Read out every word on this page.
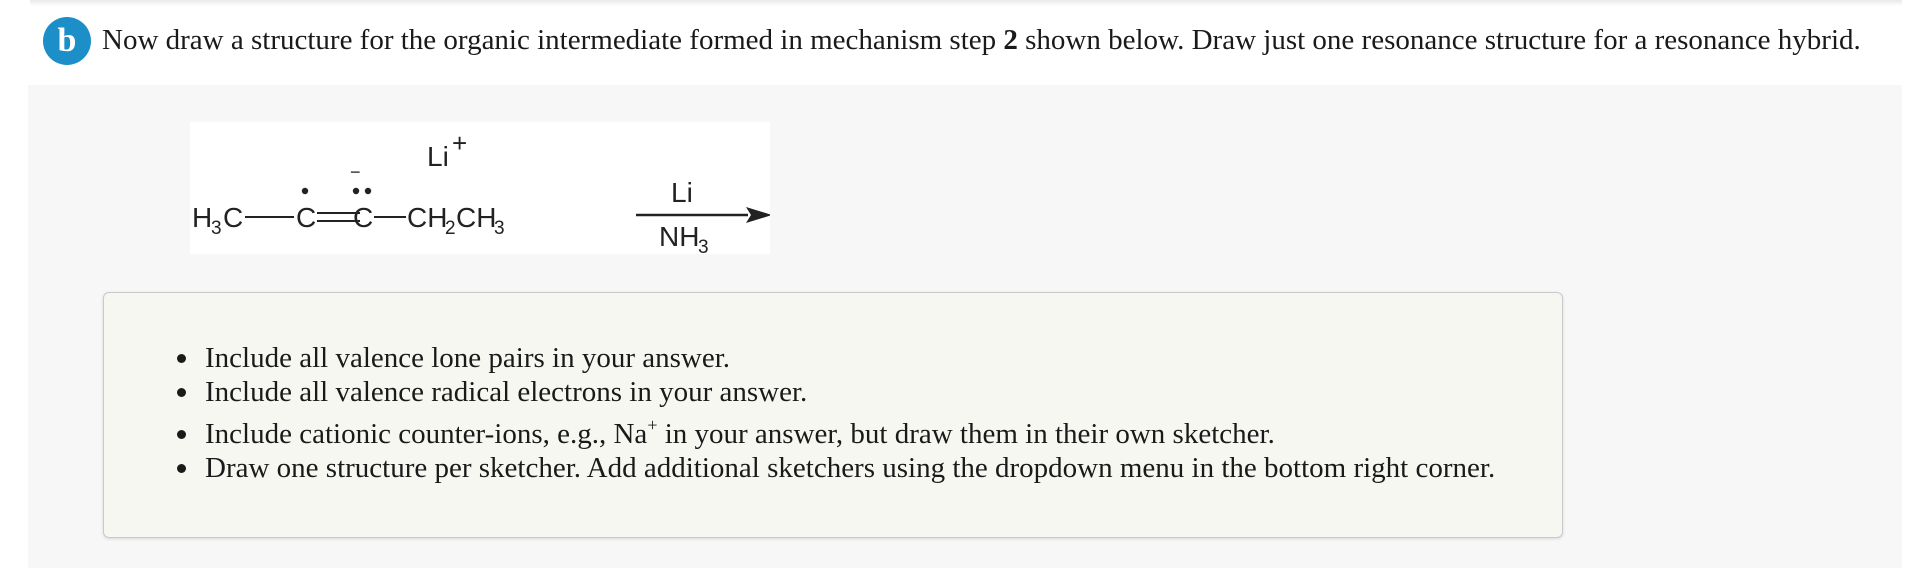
b Now draw a structure for the organic intermediate formed in mechanism step 2 shown below. Draw just one resonance structure for a resonance hybrid.
H
3 C C
−
C
Li +
CH
2 CH
3
Li
NH
3
Include all valence lone pairs in your answer.
Include all valence radical electrons in your answer.
Include cationic counter-ions, e.g., Na+ in your answer, but draw them in their own sketcher.
Draw one structure per sketcher. Add additional sketchers using the dropdown menu in the bottom right corner.
